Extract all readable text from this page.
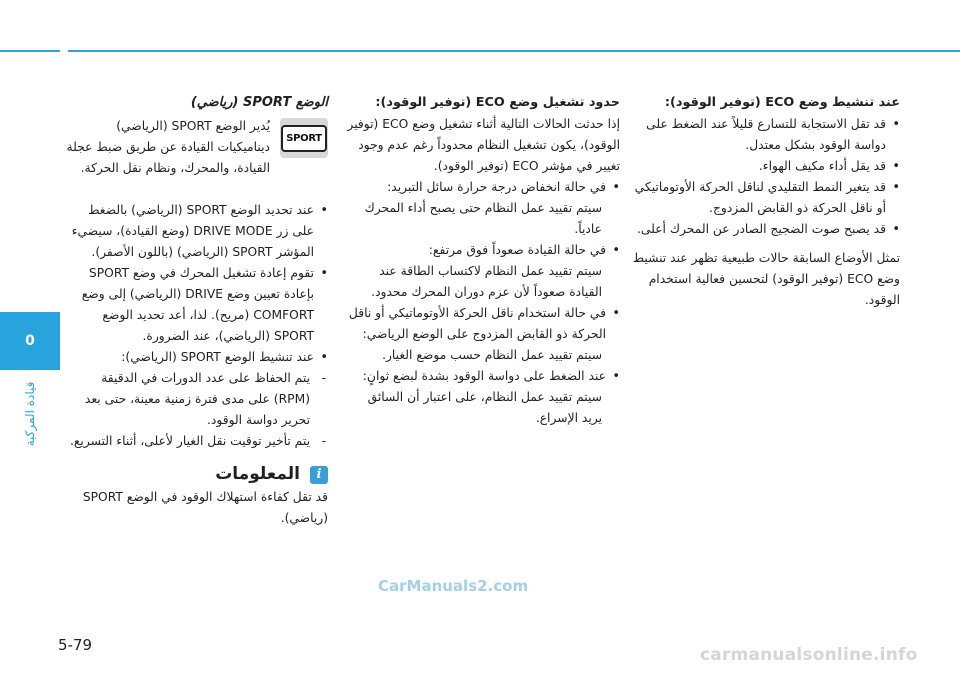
0
قيادة المركبة

عند تنشيط وضع ECO (توفير الوقود):

• قد تقل الاستجابة للتسارع قليلاً عند الضغط على دواسة الوقود بشكل معتدل.

• قد يقل أداء مكيف الهواء.

• قد يتغير النمط التقليدي لناقل الحركة الأوتوماتيكي أو ناقل الحركة ذو القابض المزدوج.

• قد يصبح صوت الضجيج الصادر عن المحرك أعلى.

تمثل الأوضاع السابقة حالات طبيعية تظهر عند تنشيط وضع ECO (توفير الوقود) لتحسين فعالية استخدام الوقود.

حدود تشغيل وضع ECO (توفير الوقود):

إذا حدثت الحالات التالية أثناء تشغيل وضع ECO (توفير الوقود)، يكون تشغيل النظام محدوداً رغم عدم وجود تغيير في مؤشر ECO (توفير الوقود).

• في حالة انخفاض درجة حرارة سائل التبريد:

سيتم تقييد عمل النظام حتى يصبح أداء المحرك عادياً.

• في حالة القيادة صعوداً فوق مرتفع:

سيتم تقييد عمل النظام لاكتساب الطاقة عند القيادة صعوداً لأن عزم دوران المحرك محدود.

• في حالة استخدام ناقل الحركة الأوتوماتيكي أو ناقل الحركة ذو القابض المزدوج على الوضع الرياضي:

سيتم تقييد عمل النظام حسب موضع الغيار.

• عند الضغط على دواسة الوقود بشدة لبضع ثوانٍ:

سيتم تقييد عمل النظام، على اعتبار أن السائق يريد الإسراع.

الوضع SPORT (رياضي)

SPORT

يُدير الوضع SPORT (الرياضي) ديناميكيات القيادة عن طريق ضبط عجلة القيادة، والمحرك، ونظام نقل الحركة.

• عند تحديد الوضع SPORT (الرياضي) بالضغط على زر DRIVE MODE (وضع القيادة)، سيضيء المؤشر SPORT (الرياضي) (باللون الأصفر).

• تقوم إعادة تشغيل المحرك في وضع SPORT بإعادة تعيين وضع DRIVE (الرياضي) إلى وضع COMFORT (مريح). لذا، أعد تحديد الوضع SPORT (الرياضي)، عند الضرورة.

• عند تنشيط الوضع SPORT (الرياضي):

- يتم الحفاظ على عدد الدورات في الدقيقة (RPM) على مدى فترة زمنية معينة، حتى بعد تحرير دواسة الوقود.

- يتم تأخير توقيت نقل الغيار لأعلى، أثناء التسريع.

i
المعلومات

قد تقل كفاءة استهلاك الوقود في الوضع SPORT (رياضي).

5-79
CarManuals2.com
carmanualsonline.info
